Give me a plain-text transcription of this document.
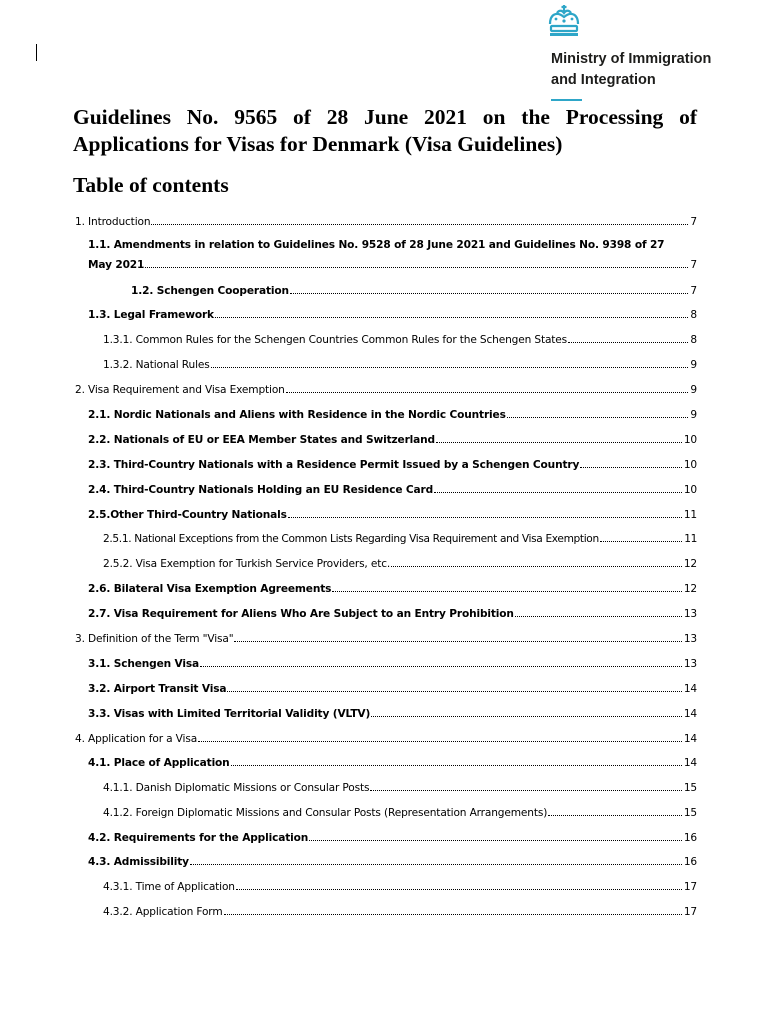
Ministry of Immigration
and Integration
Guidelines No. 9565 of 28 June 2021 on the Processing of Applications for Visas for Denmark (Visa Guidelines)
Table of contents
1. Introduction	7
1.1. Amendments in relation to Guidelines No. 9528 of 28 June 2021 and Guidelines No. 9398 of 27
May 2021	7
1.2. Schengen Cooperation	7
1.3. Legal Framework	8
1.3.1. Common Rules for the Schengen Countries Common Rules for the Schengen States	8
1.3.2. National Rules	9
2. Visa Requirement and Visa Exemption	9
2.1. Nordic Nationals and Aliens with Residence in the Nordic Countries	9
2.2. Nationals of EU or EEA Member States and Switzerland	10
2.3. Third-Country Nationals with a Residence Permit Issued by a Schengen Country	10
2.4. Third-Country Nationals Holding an EU Residence Card	10
2.5.Other Third-Country Nationals	11
2.5.1. National Exceptions from the Common Lists Regarding Visa Requirement and Visa Exemption	11
2.5.2. Visa Exemption for Turkish Service Providers, etc.	12
2.6. Bilateral Visa Exemption Agreements	12
2.7. Visa Requirement for Aliens Who Are Subject to an Entry Prohibition	13
3. Definition of the Term "Visa"	13
3.1. Schengen Visa	13
3.2. Airport Transit Visa	14
3.3. Visas with Limited Territorial Validity (VLTV)	14
4. Application for a Visa	14
4.1. Place of Application	14
4.1.1. Danish Diplomatic Missions or Consular Posts	15
4.1.2. Foreign Diplomatic Missions and Consular Posts (Representation Arrangements)	15
4.2. Requirements for the Application	16
4.3. Admissibility	16
4.3.1. Time of Application	17
4.3.2. Application Form	17
